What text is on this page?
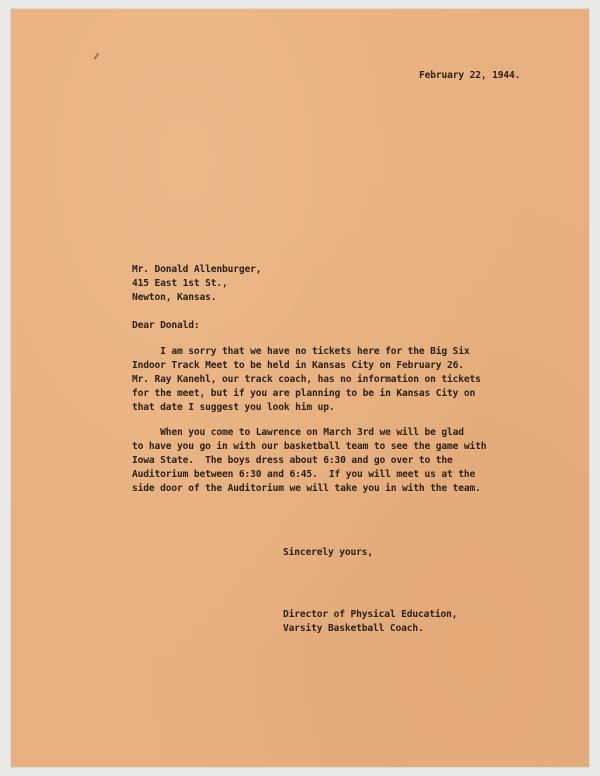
February 22, 1944.
Mr. Donald Allenburger,
415 East 1st St.,
Newton, Kansas.
Dear Donald:
I am sorry that we have no tickets here for the Big Six
Indoor Track Meet to be held in Kansas City on February 26.
Mr. Ray Kanehl, our track coach, has no information on tickets
for the meet, but if you are planning to be in Kansas City on
that date I suggest you look him up.
When you come to Lawrence on March 3rd we will be glad
to have you go in with our basketball team to see the game with
Iowa State.  The boys dress about 6:30 and go over to the
Auditorium between 6:30 and 6:45.  If you will meet us at the
side door of the Auditorium we will take you in with the team.
Sincerely yours,
Director of Physical Education,
Varsity Basketball Coach.
